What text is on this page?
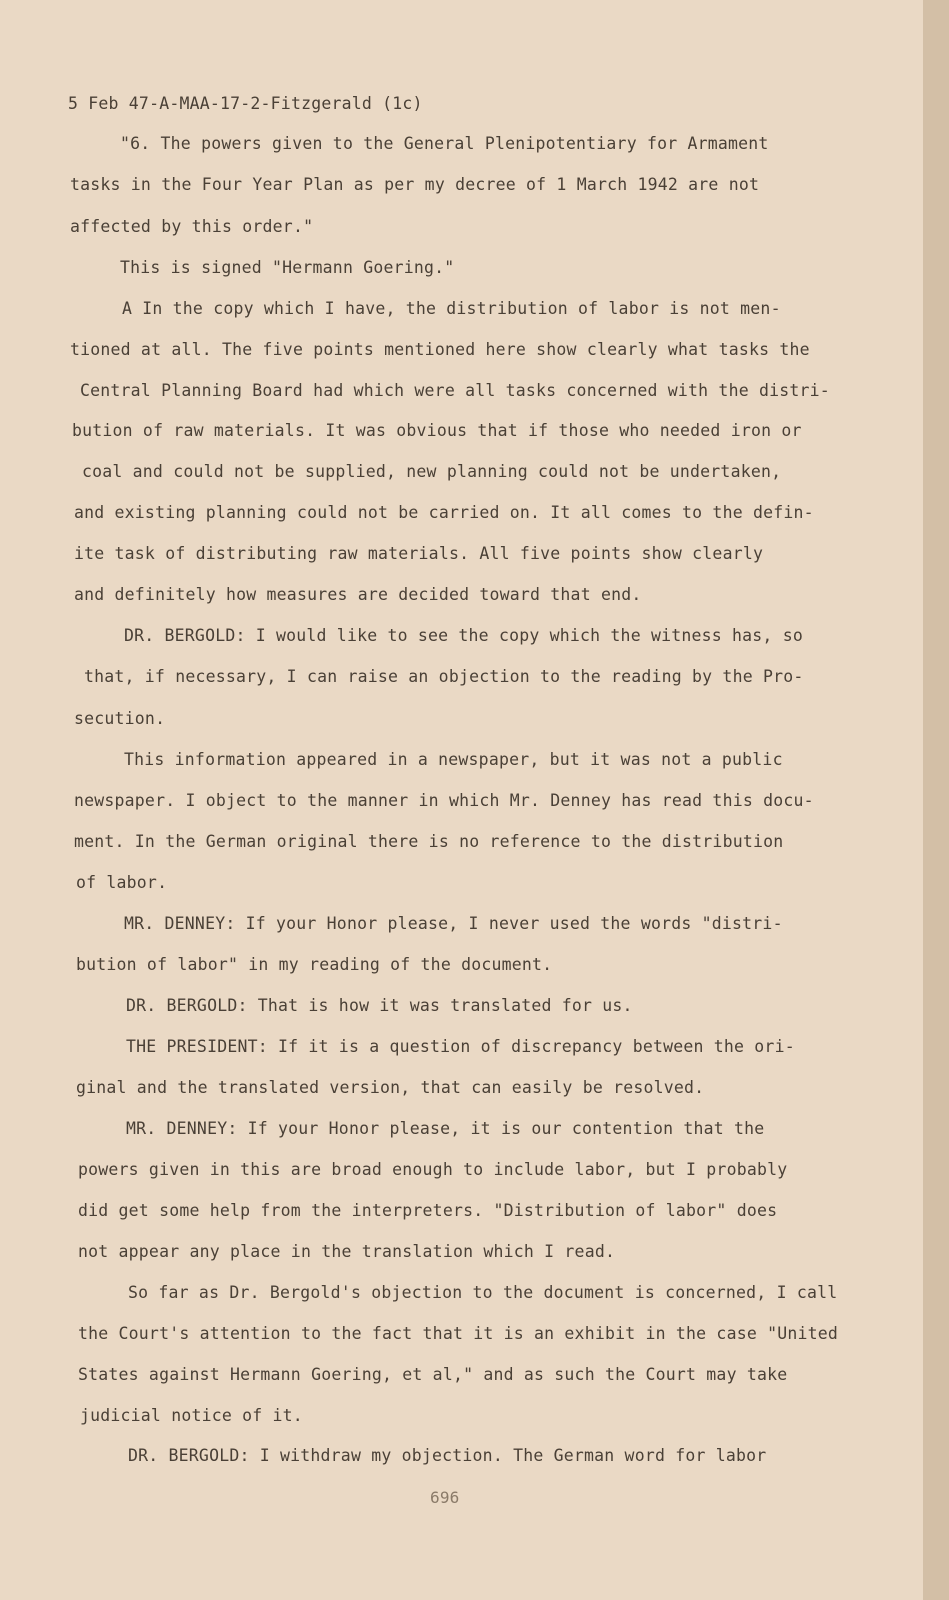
5 Feb 47-A-MAA-17-2-Fitzgerald (1c)
"6. The powers given to the General Plenipotentiary for Armament
tasks in the Four Year Plan as per my decree of 1 March 1942 are not
affected by this order."
This is signed "Hermann Goering."
A In the copy which I have, the distribution of labor is not men-
tioned at all. The five points mentioned here show clearly what tasks the
Central Planning Board had which were all tasks concerned with the distri-
bution of raw materials. It was obvious that if those who needed iron or
coal and could not be supplied, new planning could not be undertaken,
and existing planning could not be carried on. It all comes to the defin-
ite task of distributing raw materials. All five points show clearly
and definitely how measures are decided toward that end.
DR. BERGOLD: I would like to see the copy which the witness has, so
that, if necessary, I can raise an objection to the reading by the Pro-
secution.
This information appeared in a newspaper, but it was not a public
newspaper. I object to the manner in which Mr. Denney has read this docu-
ment. In the German original there is no reference to the distribution
of labor.
MR. DENNEY: If your Honor please, I never used the words "distri-
bution of labor" in my reading of the document.
DR. BERGOLD: That is how it was translated for us.
THE PRESIDENT: If it is a question of discrepancy between the ori-
ginal and the translated version, that can easily be resolved.
MR. DENNEY: If your Honor please, it is our contention that the
powers given in this are broad enough to include labor, but I probably
did get some help from the interpreters. "Distribution of labor" does
not appear any place in the translation which I read.
So far as Dr. Bergold's objection to the document is concerned, I call
the Court's attention to the fact that it is an exhibit in the case "United
States against Hermann Goering, et al," and as such the Court may take
judicial notice of it.
DR. BERGOLD: I withdraw my objection. The German word for labor
696
